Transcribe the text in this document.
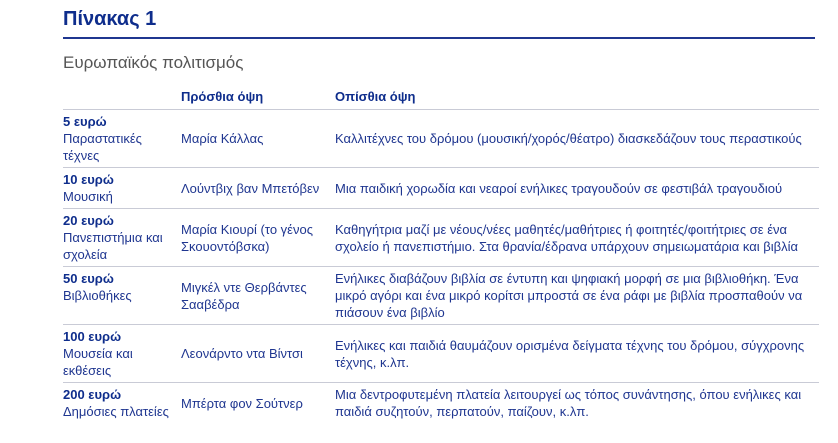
Πίνακας 1
Ευρωπαϊκός πολιτισμός
	Πρόσθια όψη	Οπίσθια όψη

5 ευρώ
Παραστατικές τέχνες	Μαρία Κάλλας	Καλλιτέχνες του δρόμου (μουσική/χορός/θέατρο) διασκεδάζουν τους περαστικούς

10 ευρώ
Μουσική	Λούντβιχ βαν Μπετόβεν	Μια παιδική χορωδία και νεαροί ενήλικες τραγουδούν σε φεστιβάλ τραγουδιού

20 ευρώ
Πανεπιστήμια και σχολεία	Μαρία Κιουρί (το γένος Σκουοντόβσκα)	Καθηγήτρια μαζί με νέους/νέες μαθητές/μαθήτριες ή φοιτητές/φοιτήτριες σε ένα σχολείο ή πανεπιστήμιο. Στα θρανία/έδρανα υπάρχουν σημειωματάρια και βιβλία

50 ευρώ
Βιβλιοθήκες	Μιγκέλ ντε Θερβάντες Σααβέδρα	Ενήλικες διαβάζουν βιβλία σε έντυπη και ψηφιακή μορφή σε μια βιβλιοθήκη. Ένα μικρό αγόρι και ένα μικρό κορίτσι μπροστά σε ένα ράφι με βιβλία προσπαθούν να πιάσουν ένα βιβλίο

100 ευρώ
Μουσεία και εκθέσεις	Λεονάρντο ντα Βίντσι	Ενήλικες και παιδιά θαυμάζουν ορισμένα δείγματα τέχνης του δρόμου, σύγχρονης τέχνης, κ.λπ.

200 ευρώ
Δημόσιες πλατείες	Μπέρτα φον Σούτνερ	Μια δεντροφυτεμένη πλατεία λειτουργεί ως τόπος συνάντησης, όπου ενήλικες και παιδιά συζητούν, περπατούν, παίζουν, κ.λπ.
